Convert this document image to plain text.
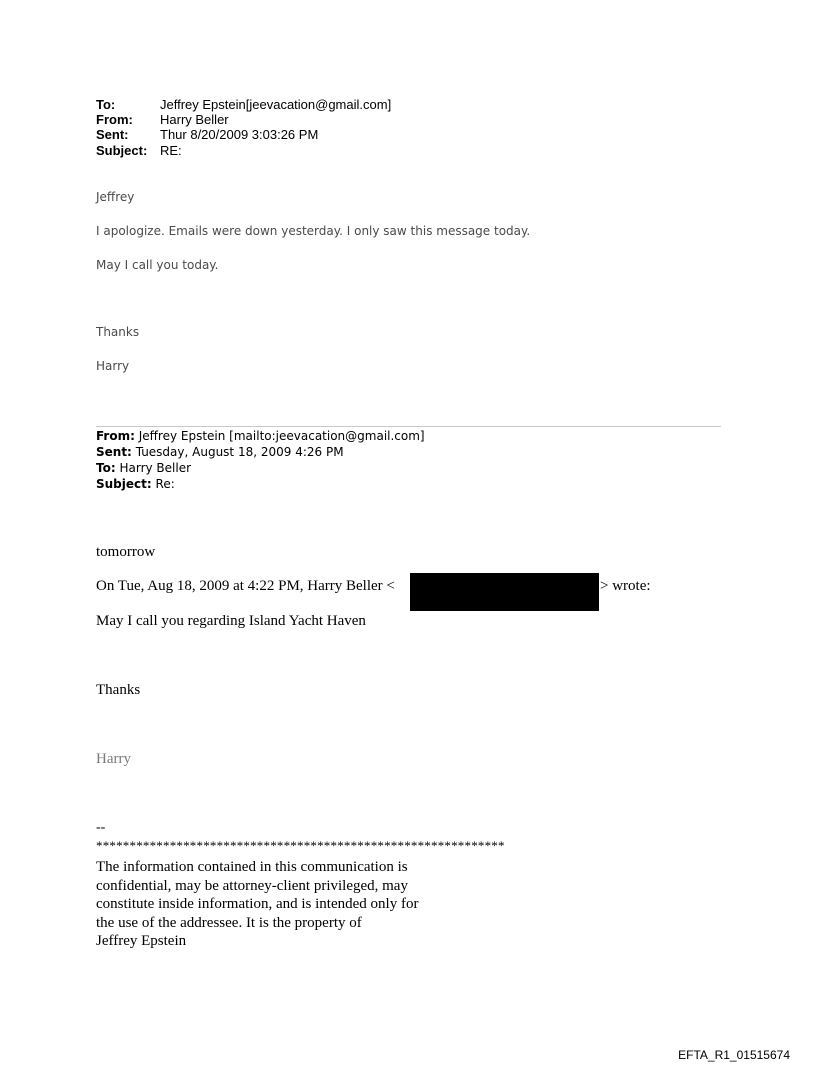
To:	Jeffrey Epstein[jeevacation@gmail.com]
From: Harry Beller
Sent: Thur 8/20/2009 3:03:26 PM
Subject: RE:
Jeffrey
I apologize. Emails were down yesterday. I only saw this message today.
May I call you today.
Thanks
Harry
From: Jeffrey Epstein [mailto:jeevacation@gmail.com]
Sent: Tuesday, August 18, 2009 4:26 PM
To: Harry Beller
Subject: Re:
tomorrow
On Tue, Aug 18, 2009 at 4:22 PM, Harry Beller <	> wrote:
May I call you regarding Island Yacht Haven
Thanks
Harry
--
*************************************************************
The information contained in this communication is
confidential, may be attorney-client privileged, may
constitute inside information, and is intended only for
the use of the addressee. It is the property of
Jeffrey Epstein
EFTA_R1_01515674
